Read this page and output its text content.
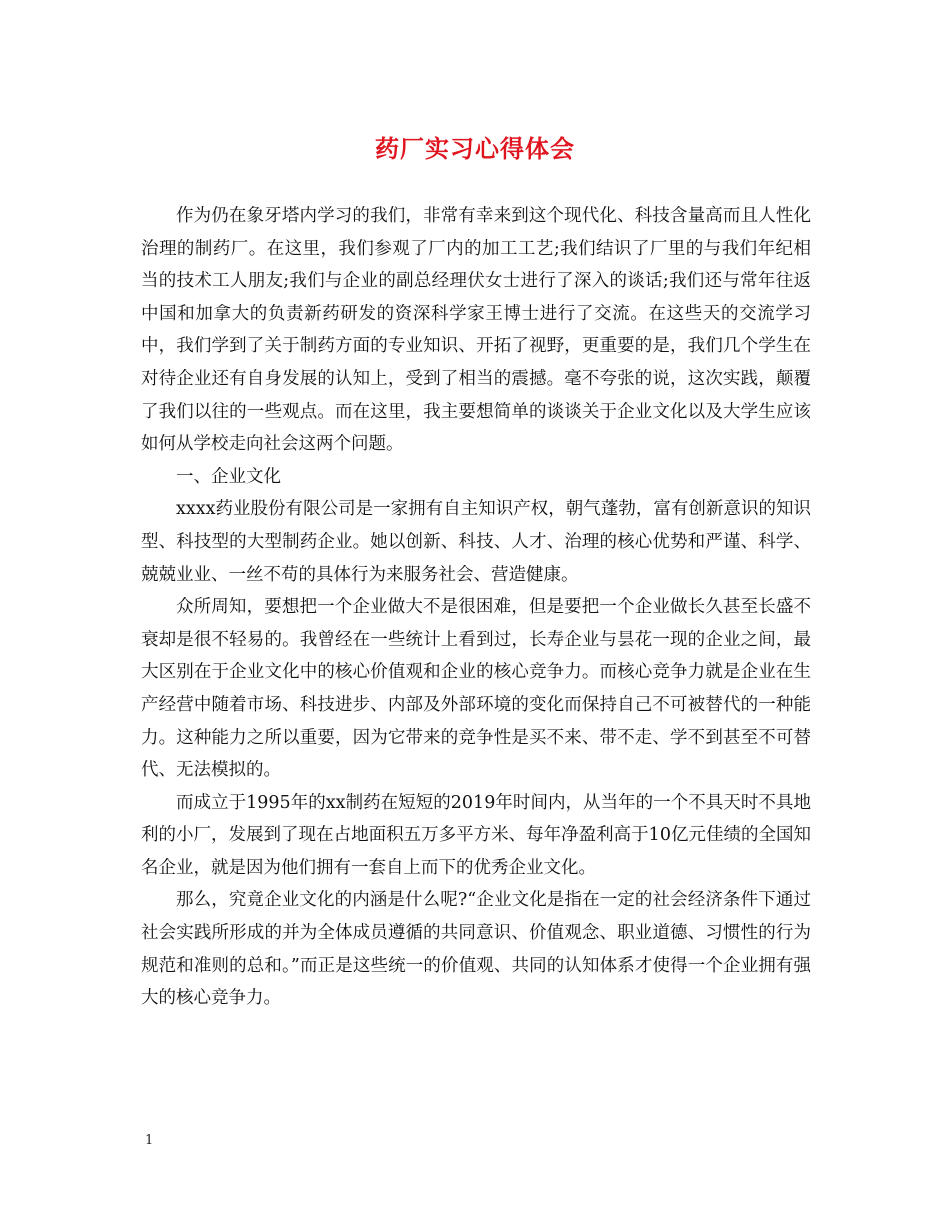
药厂实习心得体会

作为仍在象牙塔内学习的我们，非常有幸来到这个现代化、科技含量高而且人性化治理的制药厂。在这里，我们参观了厂内的加工工艺;我们结识了厂里的与我们年纪相当的技术工人朋友;我们与企业的副总经理伏女士进行了深入的谈话;我们还与常年往返中国和加拿大的负责新药研发的资深科学家王博士进行了交流。在这些天的交流学习中，我们学到了关于制药方面的专业知识、开拓了视野，更重要的是，我们几个学生在对待企业还有自身发展的认知上，受到了相当的震撼。毫不夸张的说，这次实践，颠覆了我们以往的一些观点。而在这里，我主要想简单的谈谈关于企业文化以及大学生应该如何从学校走向社会这两个问题。

一、企业文化

xxxx药业股份有限公司是一家拥有自主知识产权，朝气蓬勃，富有创新意识的知识型、科技型的大型制药企业。她以创新、科技、人才、治理的核心优势和严谨、科学、兢兢业业、一丝不苟的具体行为来服务社会、营造健康。

众所周知，要想把一个企业做大不是很困难，但是要把一个企业做长久甚至长盛不衰却是很不轻易的。我曾经在一些统计上看到过，长寿企业与昙花一现的企业之间，最大区别在于企业文化中的核心价值观和企业的核心竞争力。而核心竞争力就是企业在生产经营中随着市场、科技进步、内部及外部环境的变化而保持自己不可被替代的一种能力。这种能力之所以重要，因为它带来的竞争性是买不来、带不走、学不到甚至不可替代、无法模拟的。

而成立于1995年的xx制药在短短的2019年时间内，从当年的一个不具天时不具地利的小厂，发展到了现在占地面积五万多平方米、每年净盈利高于10亿元佳绩的全国知名企业，就是因为他们拥有一套自上而下的优秀企业文化。

那么，究竟企业文化的内涵是什么呢?“企业文化是指在一定的社会经济条件下通过社会实践所形成的并为全体成员遵循的共同意识、价值观念、职业道德、习惯性的行为规范和准则的总和。”而正是这些统一的价值观、共同的认知体系才使得一个企业拥有强大的核心竞争力。

1
